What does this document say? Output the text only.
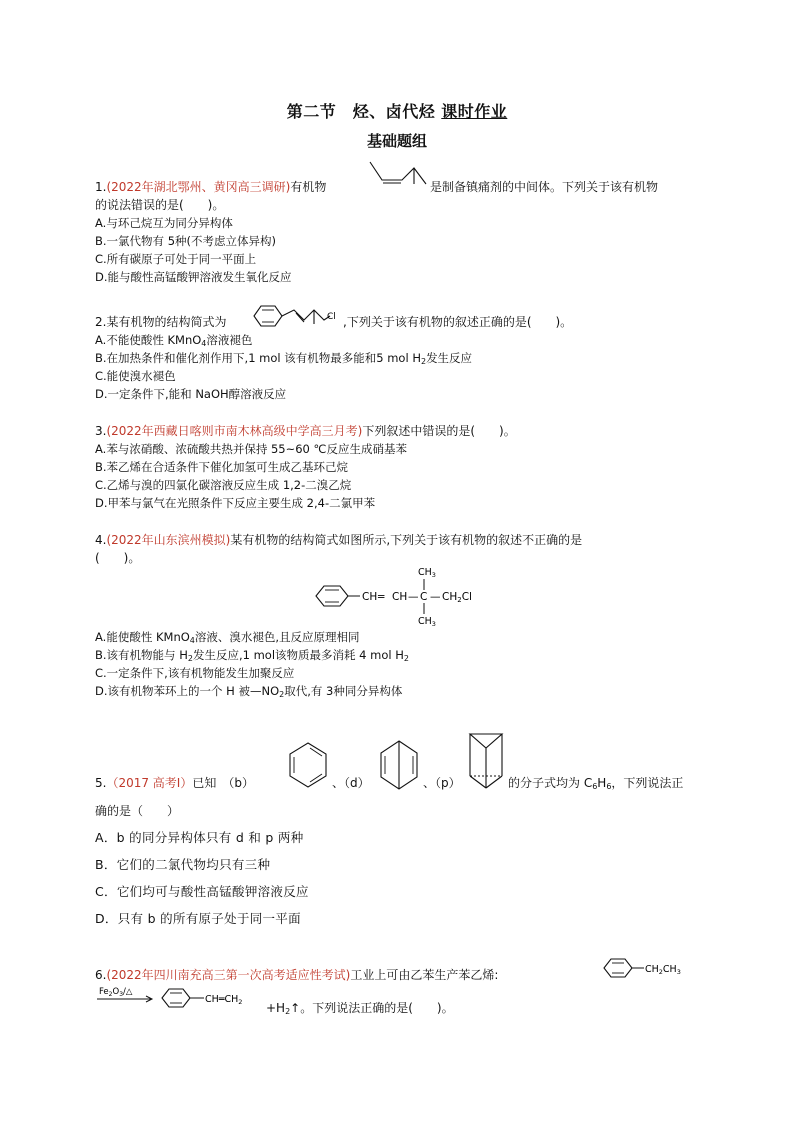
第二节　烃、卤代烃 课时作业
基础题组
1.(2022年湖北鄂州、黄冈高三调研)有机物	是制备镇痛剂的中间体。下列关于该有机物
的说法错误的是(　　)。
A.与环己烷互为同分异构体
B.一氯代物有 5种(不考虑立体异构)
C.所有碳原子可处于同一平面上
D.能与酸性高锰酸钾溶液发生氧化反应
2.某有机物的结构简式为	Cl ,下列关于该有机物的叙述正确的是(　　)。
A.不能使酸性 KMnO$_4$溶液褪色
B.在加热条件和催化剂作用下,1 mol 该有机物最多能和5 mol $H_2$发生反应
C.能使溴水褪色
D.一定条件下,能和 NaOH醇溶液反应
3.(2022年西藏日喀则市南木林高级中学高三月考)下列叙述中错误的是(　　)。
A.苯与浓硝酸、浓硫酸共热并保持 55~60 ℃反应生成硝基苯
B.苯乙烯在合适条件下催化加氢可生成乙基环己烷
C.乙烯与溴的四氯化碳溶液反应生成 1,2-二溴乙烷
D.甲苯与氯气在光照条件下反应主要生成 2,4-二氯甲苯
4.(2022年山东滨州模拟)某有机物的结构简式如图所示,下列关于该有机物的叙述不正确的是
(　　)。
CH ═ CH — C
$CH_3$
$CH_3$
— CH2Cl
A.能使酸性 KMnO$_4$溶液、溴水褪色,且反应原理相同
B.该有机物能与 $H_2$发生反应,1 mol该物质最多消耗 4 mol $H_2$
C.一定条件下,该有机物能发生加聚反应
D.该有机物苯环上的一个 H 被$—NO_2$取代,有 3种同分异构体
5.（2017 高考Ⅰ）已知　（b）	、（d）	、（p）	的分子式均为 $C_6H_6$，下列说法正
确的是（　　）
A．b 的同分异构体只有 d 和 p 两种
B．它们的二氯代物均只有三种
C．它们均可与酸性高锰酸钾溶液反应
D．只有 b 的所有原子处于同一平面
6.(2022年四川南充高三第一次高考适应性考试)工业上可由乙苯生产苯乙烯:	$CH_2CH_3$
$Fe_2O_3/\triangle$
$CH═CH_2$ $+H_2↑$。下列说法正确的是(　　)。
